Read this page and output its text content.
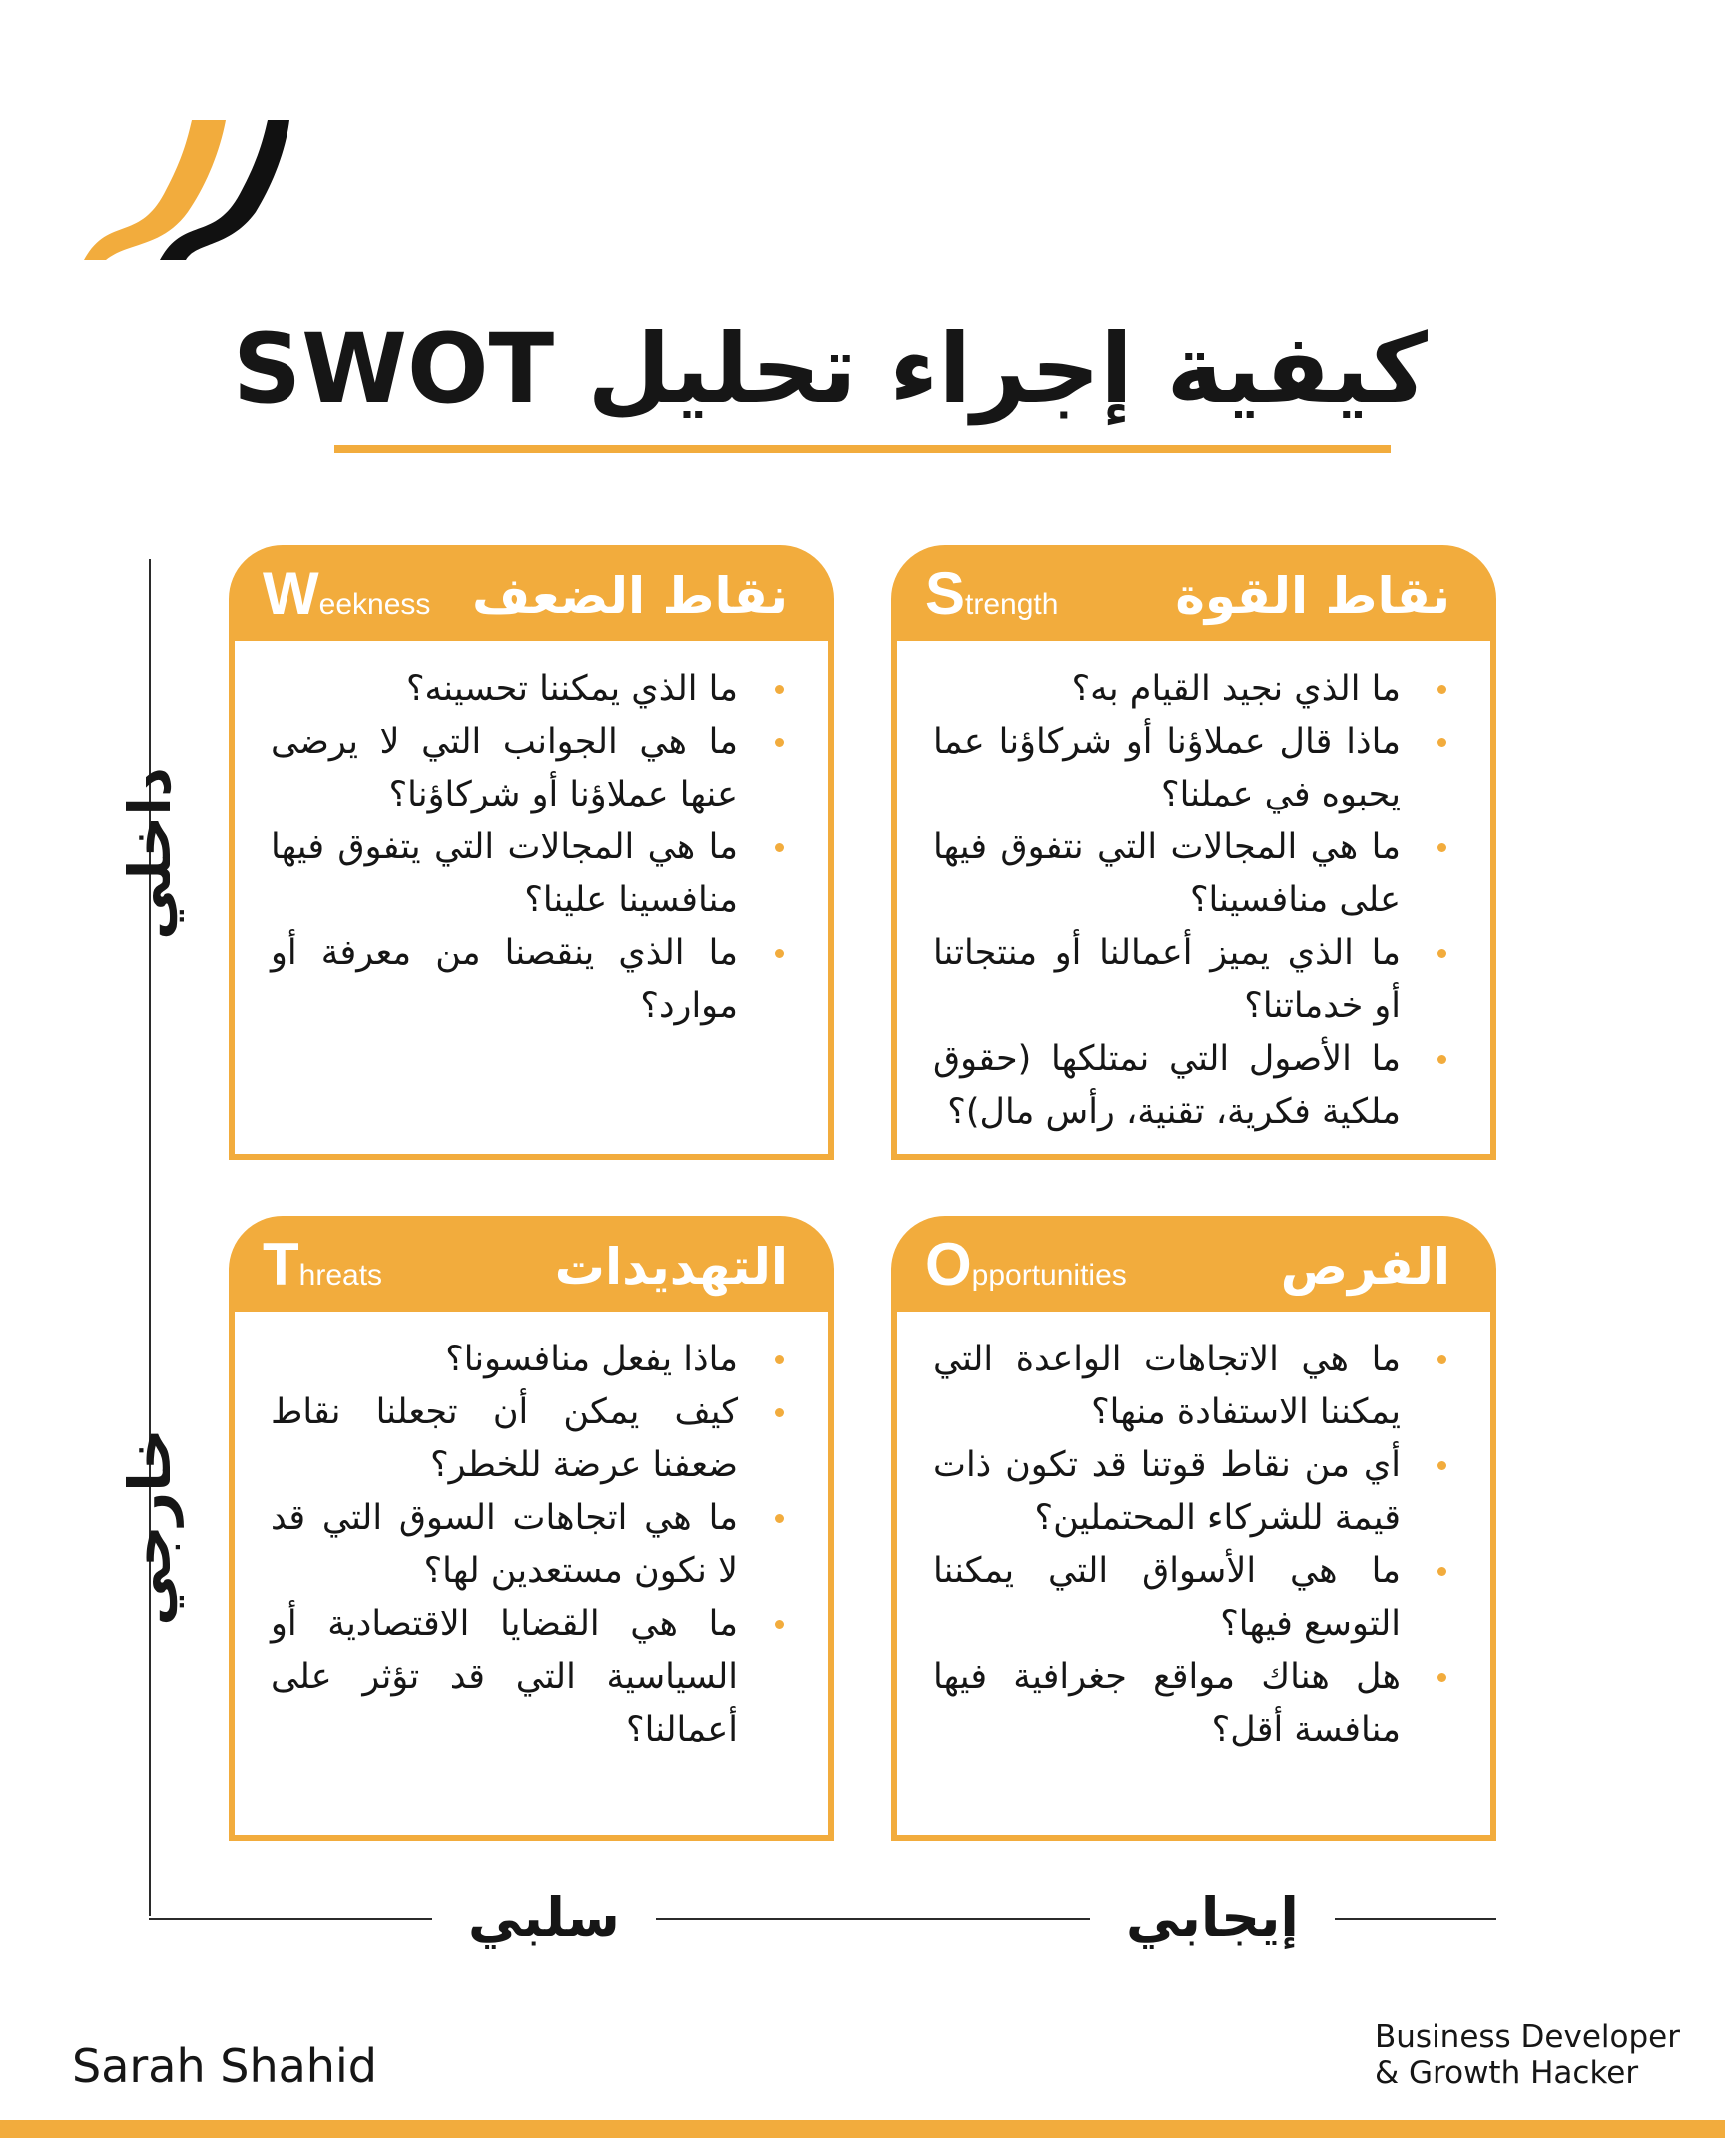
كيفية إجراء تحليل SWOT
داخلي
خارجي
سلبي	إيجابي
Weekness نقاط الضعف
ما الذي يمكننا تحسينه؟
ما هي الجوانب التي لا يرضى عنها عملاؤنا أو شركاؤنا؟
ما هي المجالات التي يتفوق فيها منافسينا علينا؟
ما الذي ينقصنا من معرفة أو موارد؟
Strength نقاط القوة
ما الذي نجيد القيام به؟
ماذا قال عملاؤنا أو شركاؤنا عما يحبوه في عملنا؟
ما هي المجالات التي نتفوق فيها على منافسينا؟
ما الذي يميز أعمالنا أو منتجاتنا أو خدماتنا؟
ما الأصول التي نمتلكها (حقوق ملكية فكرية، تقنية، رأس مال)؟
Threats	التهديدات
ماذا يفعل منافسونا؟
كيف يمكن أن تجعلنا نقاط ضعفنا عرضة للخطر؟
ما هي اتجاهات السوق التي قد لا نكون مستعدين لها؟
ما هي القضايا الاقتصادية أو السياسية التي قد تؤثر على أعمالنا؟
Opportunities	الفرص
ما هي الاتجاهات الواعدة التي يمكننا الاستفادة منها؟
أي من نقاط قوتنا قد تكون ذات قيمة للشركاء المحتملين؟
ما هي الأسواق التي يمكننا التوسع فيها؟
هل هناك مواقع جغرافية فيها منافسة أقل؟
Sarah Shahid
Business Developer
& Growth Hacker
